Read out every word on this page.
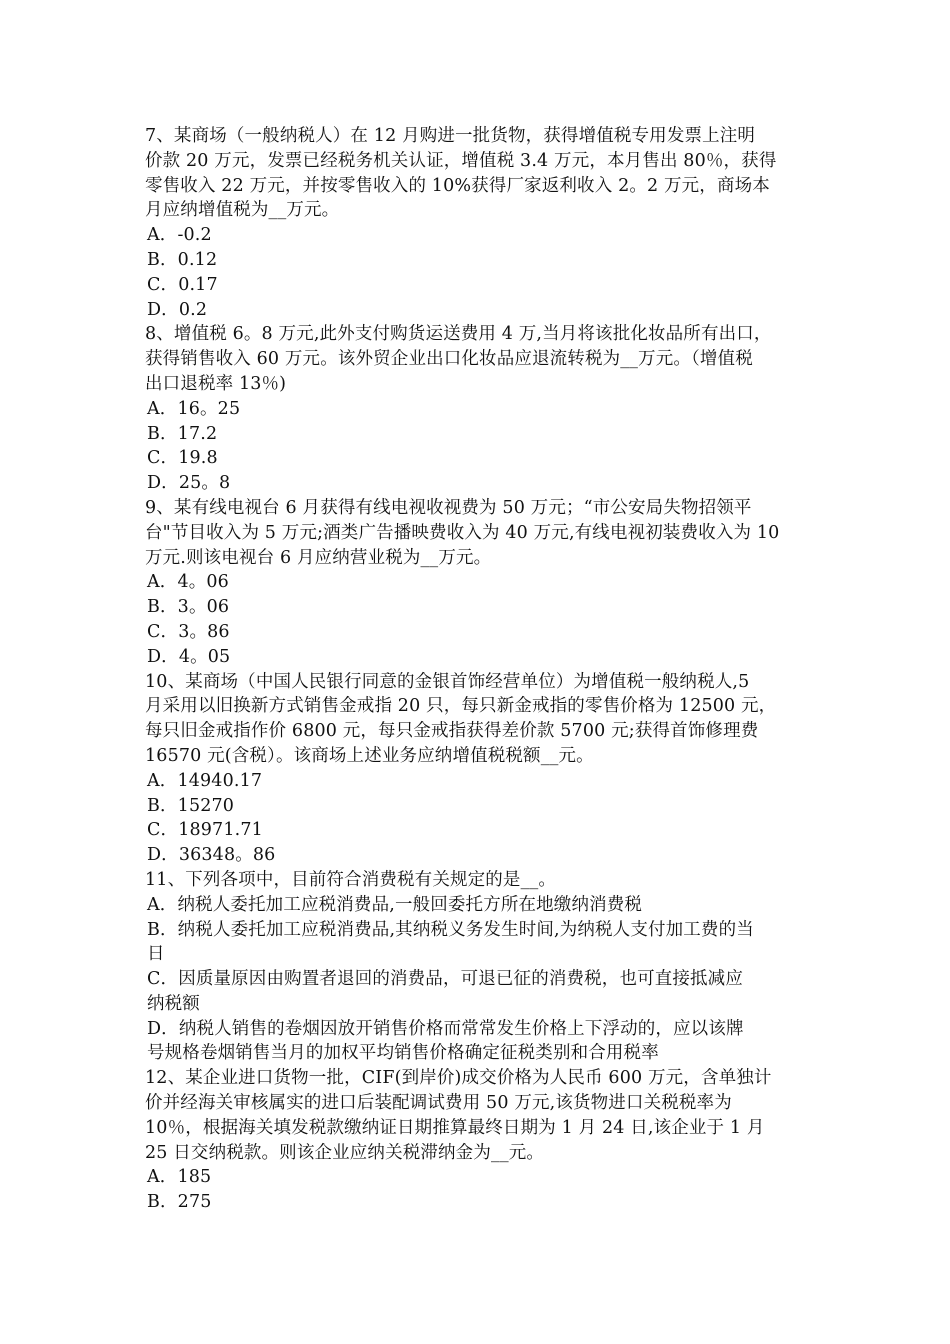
7、某商场（一般纳税人）在 12 月购进一批货物，获得增值税专用发票上注明
价款 20 万元，发票已经税务机关认证，增值税 3.4 万元，本月售出 80％，获得
零售收入 22 万元，并按零售收入的 10%获得厂家返利收入 2。2 万元，商场本
月应纳增值税为__万元。
A．-0.2
B．0.12
C．0.17
D．0.2
8、增值税 6。8 万元,此外支付购货运送费用 4 万,当月将该批化妆品所有出口，
获得销售收入 60 万元。该外贸企业出口化妆品应退流转税为__万元。（增值税
出口退税率 13％)
A．16。25
B．17.2
C．19.8
D．25。8
9、某有线电视台 6 月获得有线电视收视费为 50 万元；“市公安局失物招领平
台"节目收入为 5 万元;酒类广告播映费收入为 40 万元,有线电视初装费收入为 10
万元.则该电视台 6 月应纳营业税为__万元。
A．4。06
B．3。06
C．3。86
D．4。05
10、某商场（中国人民银行同意的金银首饰经营单位）为增值税一般纳税人,5
月采用以旧换新方式销售金戒指 20 只，每只新金戒指的零售价格为 12500 元，
每只旧金戒指作价 6800 元，每只金戒指获得差价款 5700 元;获得首饰修理费
16570 元(含税）。该商场上述业务应纳增值税税额__元。
A．14940.17
B．15270
C．18971.71
D．36348。86
11、下列各项中，目前符合消费税有关规定的是__。
A．纳税人委托加工应税消费品,一般回委托方所在地缴纳消费税
B．纳税人委托加工应税消费品,其纳税义务发生时间,为纳税人支付加工费的当
日
C．因质量原因由购置者退回的消费品，可退已征的消费税，也可直接抵减应
纳税额
D．纳税人销售的卷烟因放开销售价格而常常发生价格上下浮动的，应以该牌
号规格卷烟销售当月的加权平均销售价格确定征税类别和合用税率
12、某企业进口货物一批，CIF(到岸价)成交价格为人民币 600 万元，含单独计
价并经海关审核属实的进口后装配调试费用 50 万元,该货物进口关税税率为
10％，根据海关填发税款缴纳证日期推算最终日期为 1 月 24 日,该企业于 1 月
25 日交纳税款。则该企业应纳关税滞纳金为__元。
A．185
B．275
